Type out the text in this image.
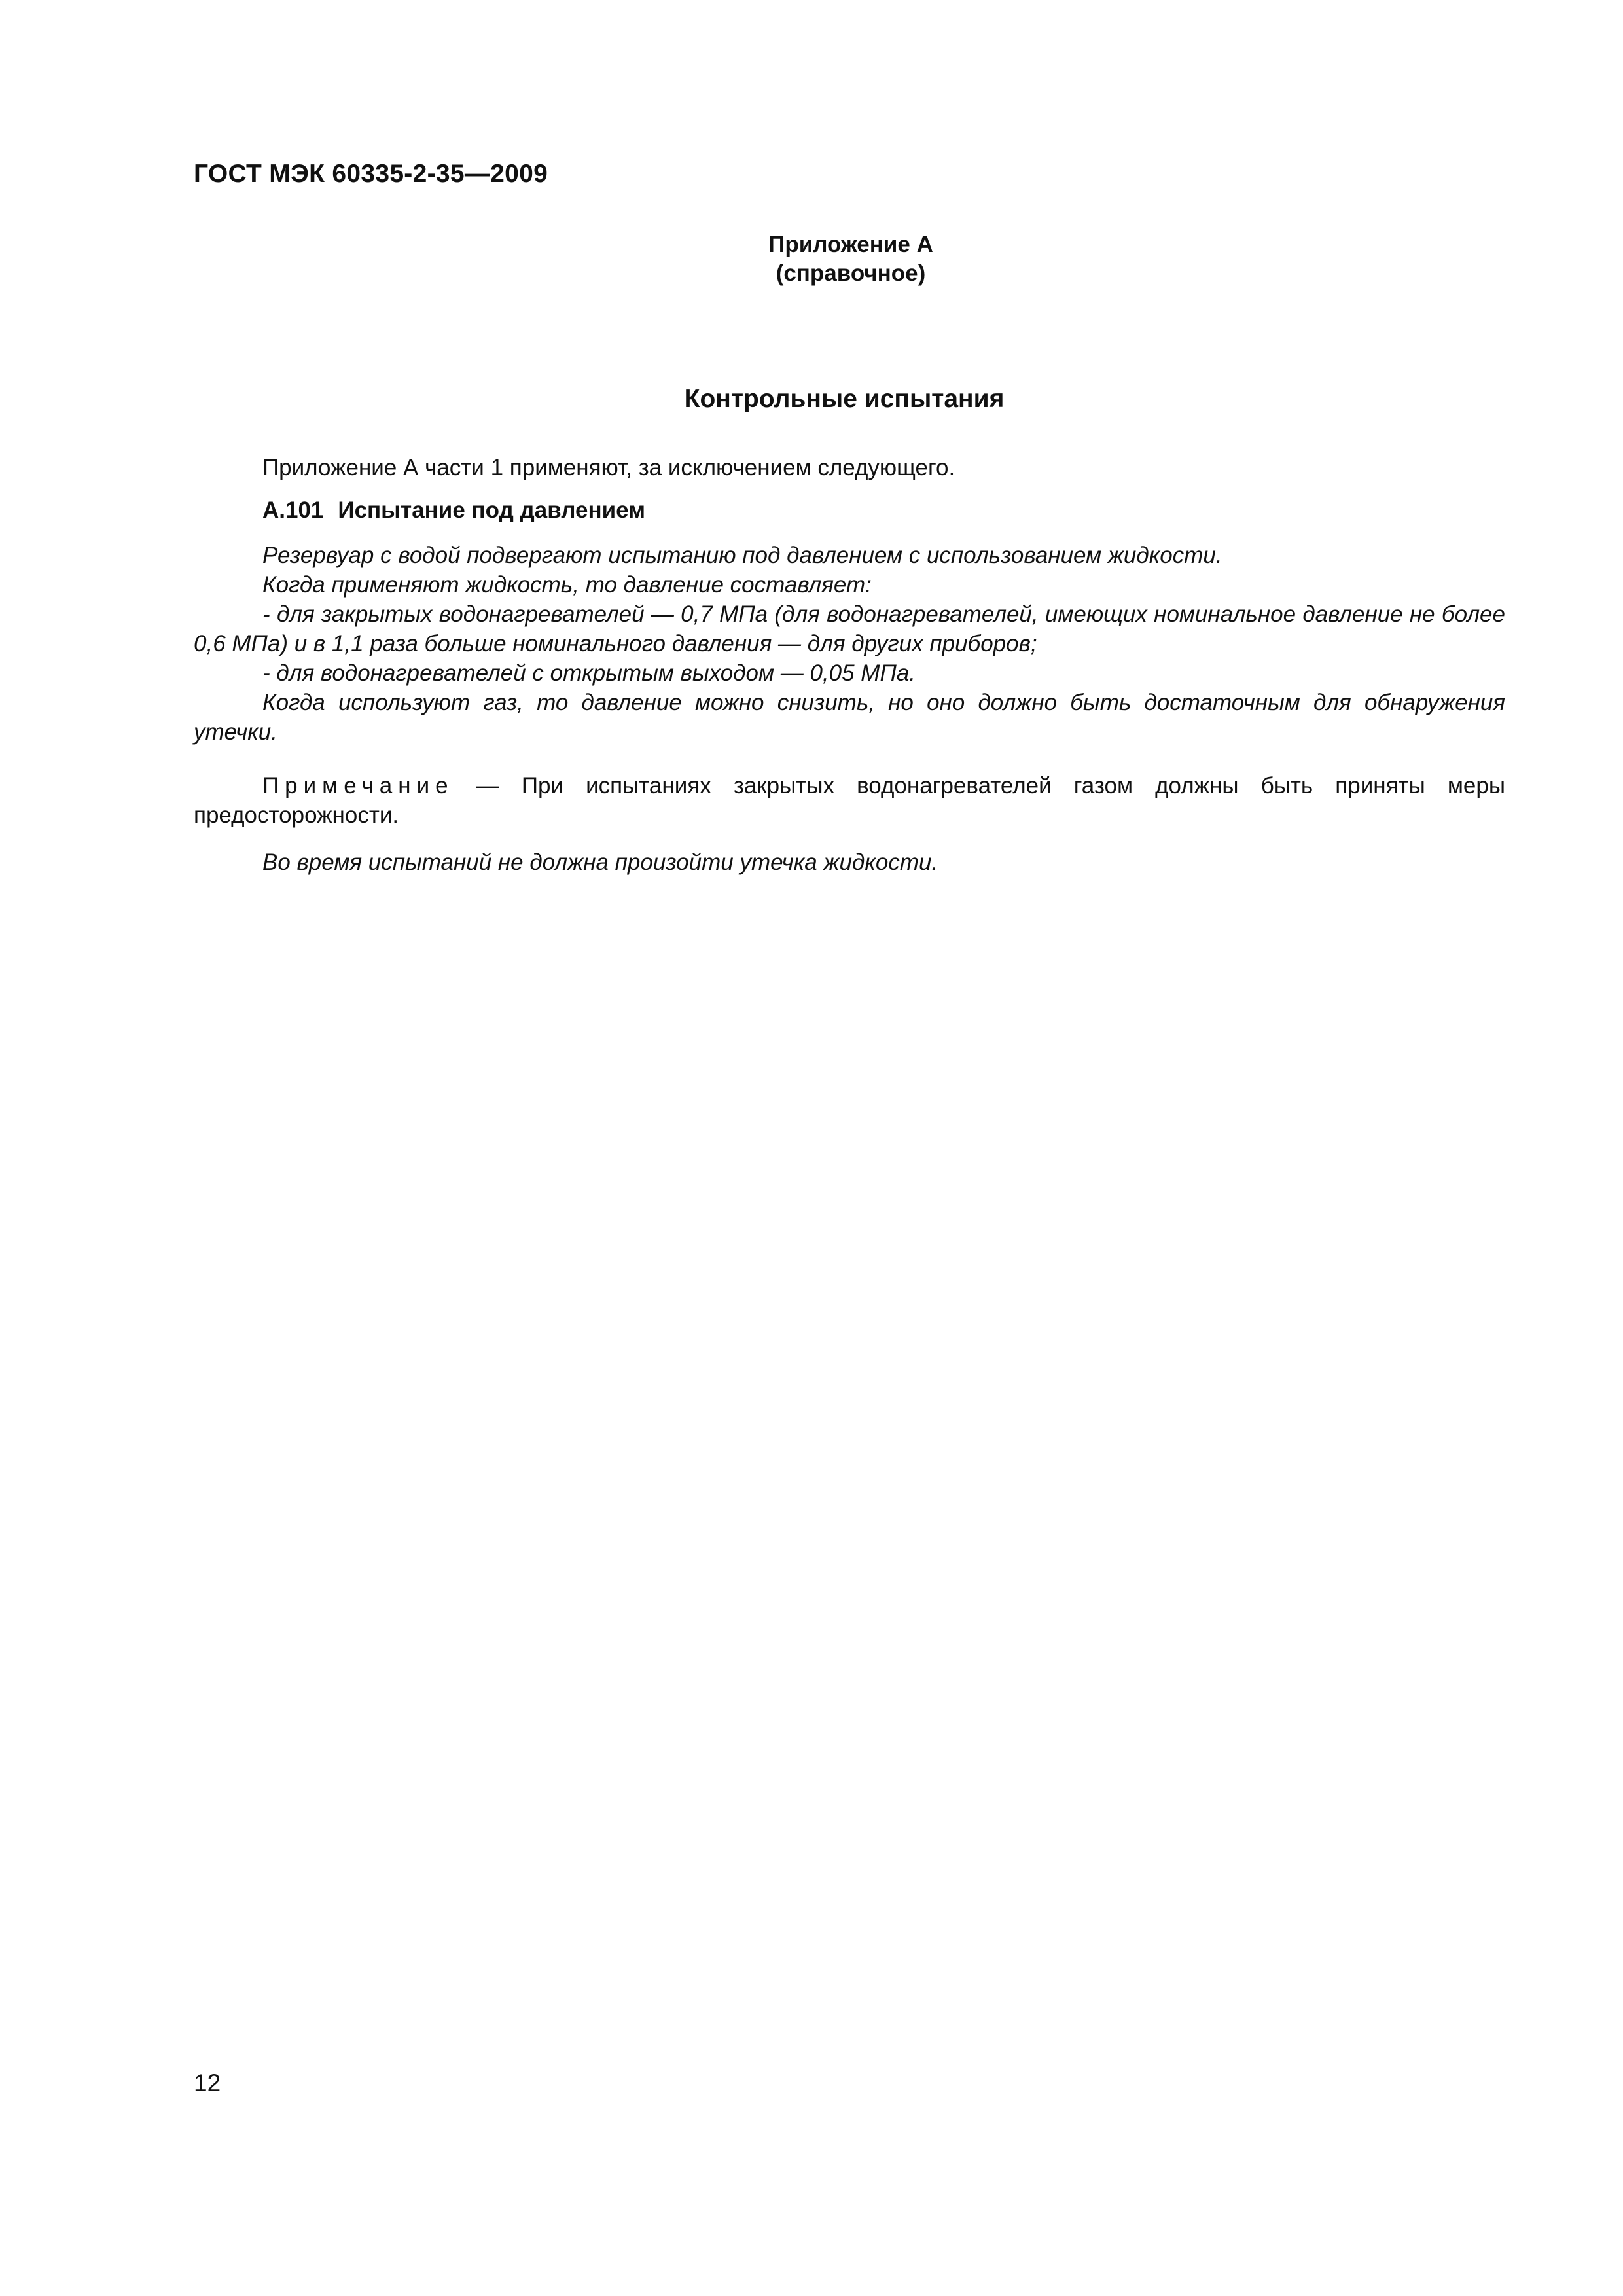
ГОСТ МЭК 60335-2-35—2009
Приложение А
(справочное)
Контрольные испытания
Приложение А части 1 применяют, за исключением следующего.
А.101 Испытание под давлением
Резервуар с водой подвергают испытанию под давлением с использованием жидкости.
Когда применяют жидкость, то давление составляет:
- для закрытых водонагревателей — 0,7 МПа (для водонагревателей, имеющих номинальное давление не более 0,6 МПа) и в 1,1 раза больше номинального давления — для других приборов;
- для водонагревателей с открытым выходом — 0,05 МПа.
Когда используют газ, то давление можно снизить, но оно должно быть достаточным для обнаружения утечки.
Примечание — При испытаниях закрытых водонагревателей газом должны быть приняты меры предосторожности.
Во время испытаний не должна произойти утечка жидкости.
12
